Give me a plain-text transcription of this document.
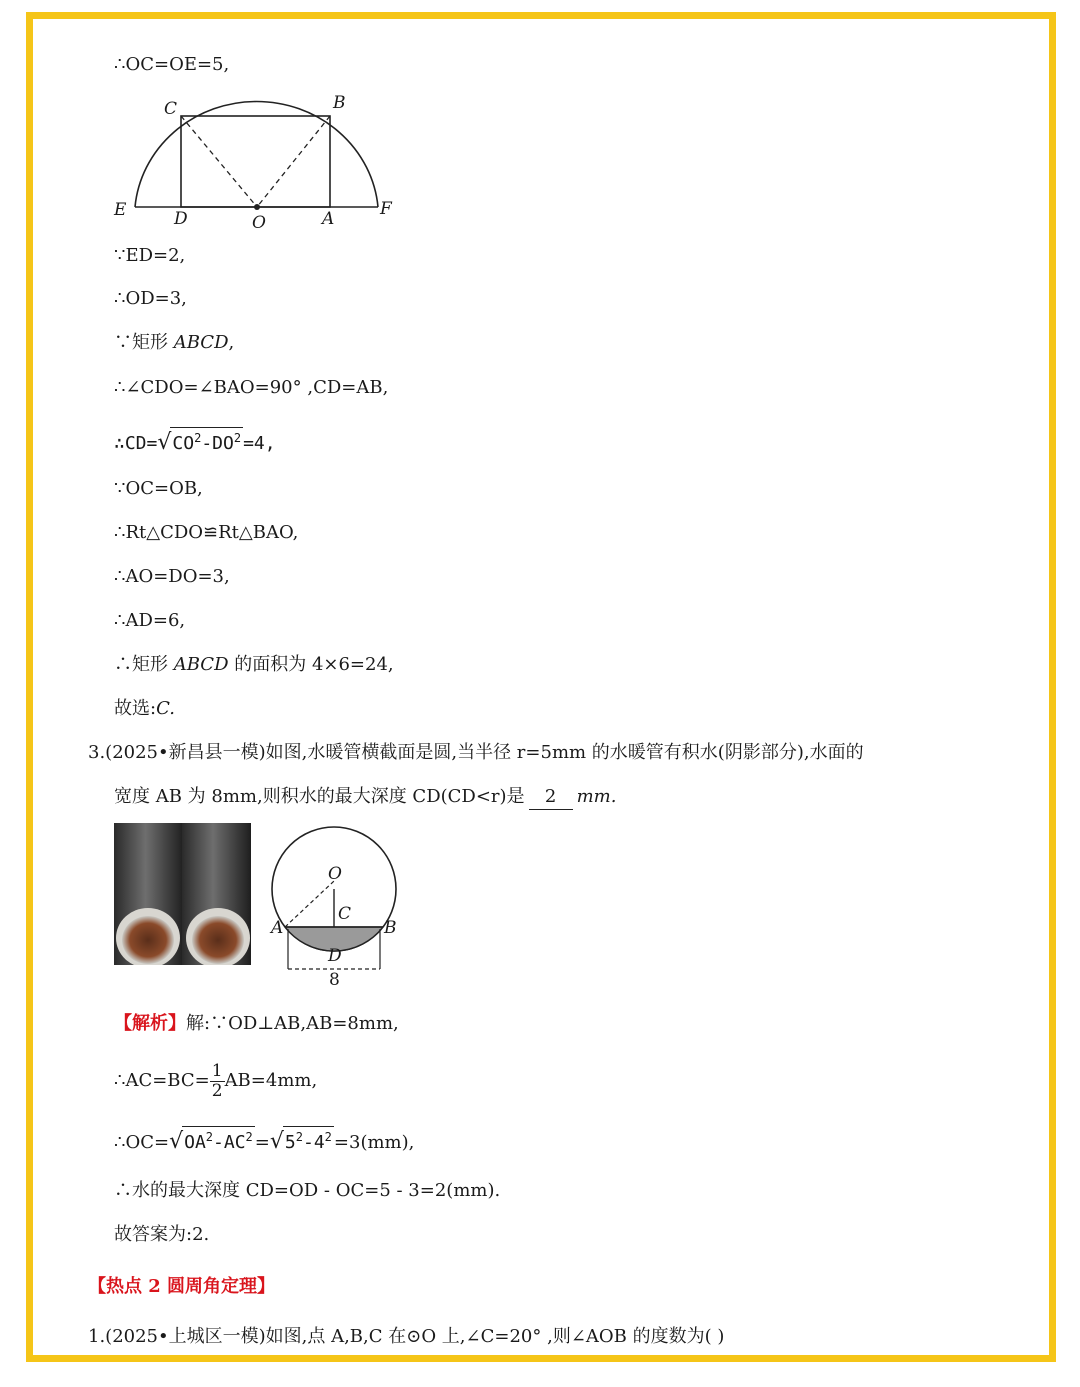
∴OC=OE=5,
C	B
E	D	O	A	F
∵ED=2,
∴OD=3,
∵矩形 ABCD,
∴∠CDO=∠BAO=90° ,CD=AB,
$\therefore CD=√CO^2-DO^2 =4$,
∵OC=OB,
∴Rt△CDO≌Rt△BAO,
∴AO=DO=3,
∴AD=6,
∴矩形 ABCD 的面积为 4×6=24,
故选:C.
3.(2025•新昌县一模)如图,水暖管横截面是圆,当半径 r=5mm 的水暖管有积水(阴影部分),水面的
宽度 AB 为 8mm,则积水的最大深度 CD(CD<r)是 2 mm.
O
C
A	B
D
8
【解析】解:∵OD⊥AB,AB=8mm,
∴AC=BC= $\frac{1}{2} AB=4mm$,
$\therefore OC=√OA^2-AC^2 =√5^2-4^2 =3(mm)$,
∴水的最大深度 CD=OD - OC=5 - 3=2(mm).
故答案为:2.
【热点 2 圆周角定理】
1.(2025•上城区一模)如图,点 A,B,C 在⊙O 上,∠C=20° ,则∠AOB 的度数为( )
